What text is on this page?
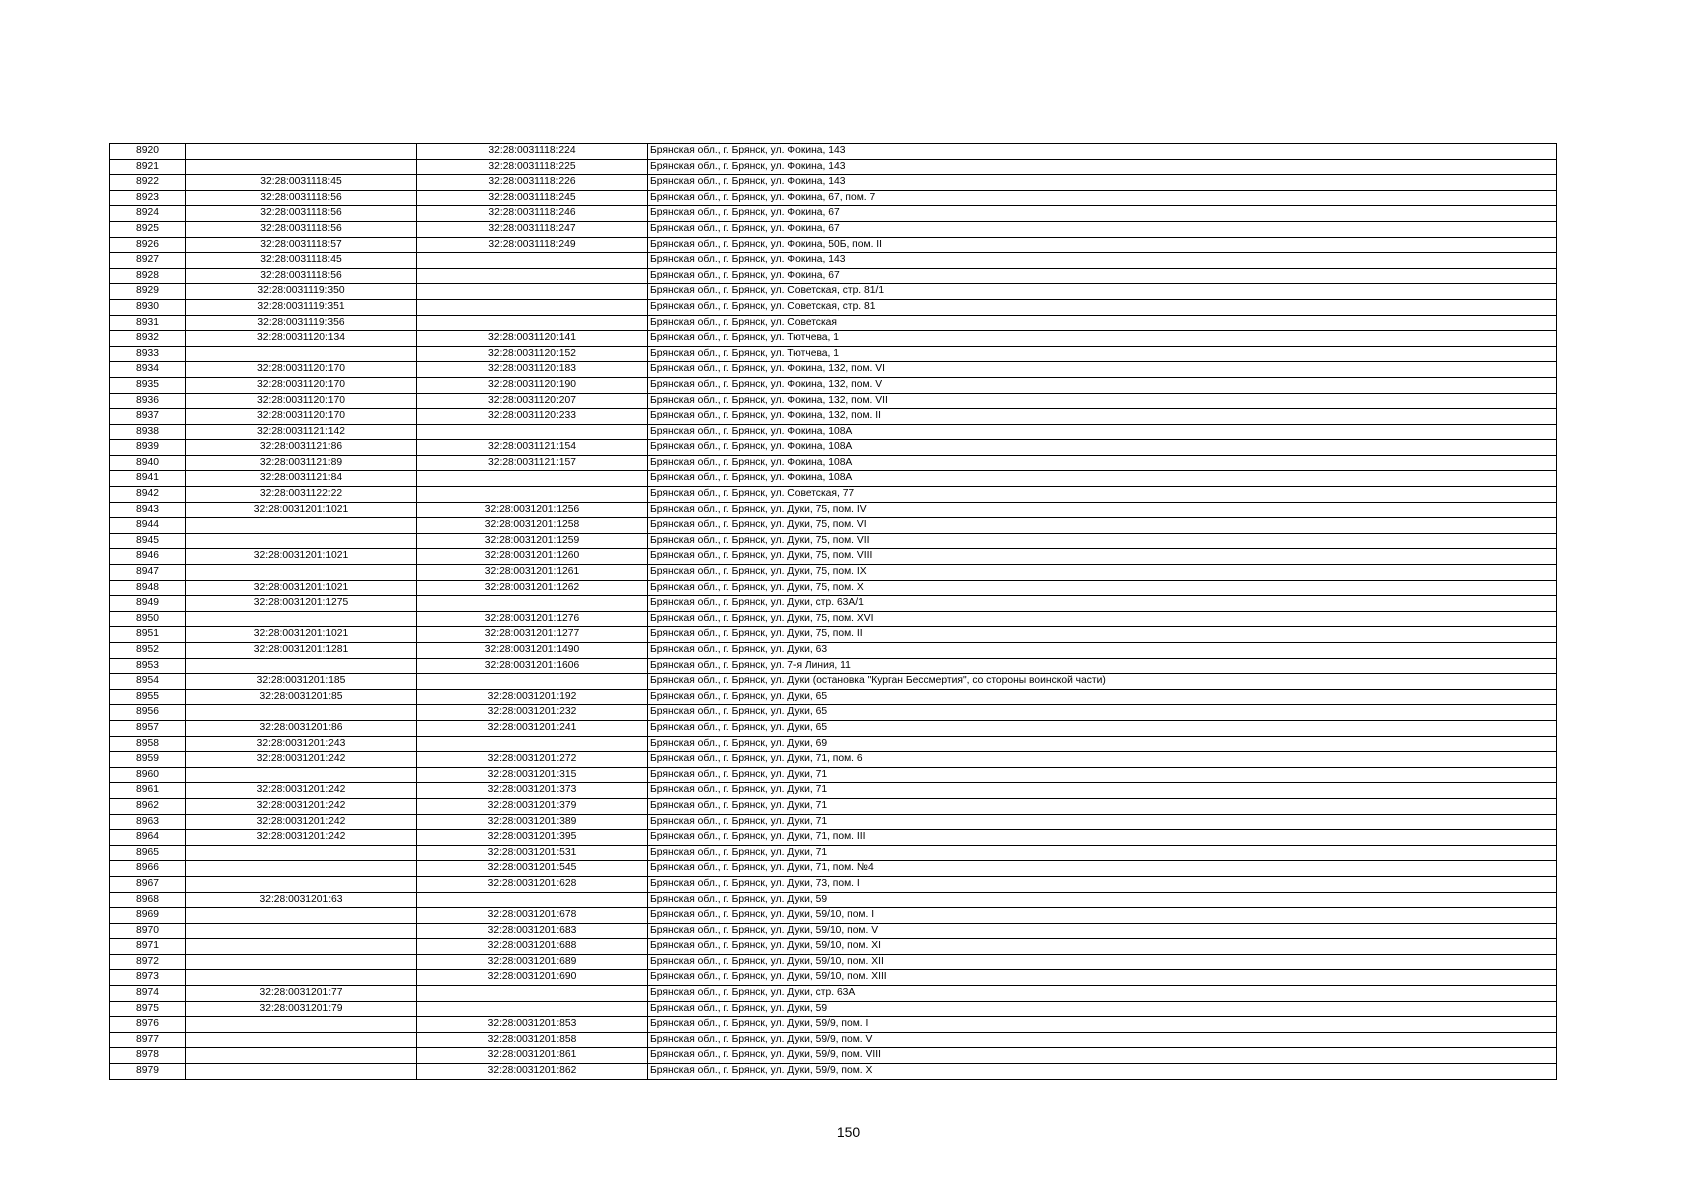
8920		32:28:0031118:224	Брянская обл., г. Брянск, ул. Фокина, 143
8921		32:28:0031118:225	Брянская обл., г. Брянск, ул. Фокина, 143
8922	32:28:0031118:45	32:28:0031118:226	Брянская обл., г. Брянск, ул. Фокина, 143
8923	32:28:0031118:56	32:28:0031118:245	Брянская обл., г. Брянск, ул. Фокина, 67, пом. 7
8924	32:28:0031118:56	32:28:0031118:246	Брянская обл., г. Брянск, ул. Фокина, 67
8925	32:28:0031118:56	32:28:0031118:247	Брянская обл., г. Брянск, ул. Фокина, 67
8926	32:28:0031118:57	32:28:0031118:249	Брянская обл., г. Брянск, ул. Фокина, 50Б, пом. II
8927	32:28:0031118:45		Брянская обл., г. Брянск, ул. Фокина, 143
8928	32:28:0031118:56		Брянская обл., г. Брянск, ул. Фокина, 67
8929	32:28:0031119:350		Брянская обл., г. Брянск, ул. Советская, стр. 81/1
8930	32:28:0031119:351		Брянская обл., г. Брянск, ул. Советская, стр. 81
8931	32:28:0031119:356		Брянская обл., г. Брянск, ул. Советская
8932	32:28:0031120:134	32:28:0031120:141	Брянская обл., г. Брянск, ул. Тютчева, 1
8933		32:28:0031120:152	Брянская обл., г. Брянск, ул. Тютчева, 1
8934	32:28:0031120:170	32:28:0031120:183	Брянская обл., г. Брянск, ул. Фокина, 132, пом. VI
8935	32:28:0031120:170	32:28:0031120:190	Брянская обл., г. Брянск, ул. Фокина, 132, пом. V
8936	32:28:0031120:170	32:28:0031120:207	Брянская обл., г. Брянск, ул. Фокина, 132, пом. VII
8937	32:28:0031120:170	32:28:0031120:233	Брянская обл., г. Брянск, ул. Фокина, 132, пом. II
8938	32:28:0031121:142		Брянская обл., г. Брянск, ул. Фокина, 108А
8939	32:28:0031121:86	32:28:0031121:154	Брянская обл., г. Брянск, ул. Фокина, 108А
8940	32:28:0031121:89	32:28:0031121:157	Брянская обл., г. Брянск, ул. Фокина, 108А
8941	32:28:0031121:84		Брянская обл., г. Брянск, ул. Фокина, 108А
8942	32:28:0031122:22		Брянская обл., г. Брянск, ул. Советская, 77
8943	32:28:0031201:1021	32:28:0031201:1256	Брянская обл., г. Брянск, ул. Дуки, 75, пом. IV
8944		32:28:0031201:1258	Брянская обл., г. Брянск, ул. Дуки, 75, пом. VI
8945		32:28:0031201:1259	Брянская обл., г. Брянск, ул. Дуки, 75, пом. VII
8946	32:28:0031201:1021	32:28:0031201:1260	Брянская обл., г. Брянск, ул. Дуки, 75, пом. VIII
8947		32:28:0031201:1261	Брянская обл., г. Брянск, ул. Дуки, 75, пом. IX
8948	32:28:0031201:1021	32:28:0031201:1262	Брянская обл., г. Брянск, ул. Дуки, 75, пом. X
8949	32:28:0031201:1275		Брянская обл., г. Брянск, ул. Дуки, стр. 63А/1
8950		32:28:0031201:1276	Брянская обл., г. Брянск, ул. Дуки, 75, пом. XVI
8951	32:28:0031201:1021	32:28:0031201:1277	Брянская обл., г. Брянск, ул. Дуки, 75, пом. II
8952	32:28:0031201:1281	32:28:0031201:1490	Брянская обл., г. Брянск, ул. Дуки, 63
8953		32:28:0031201:1606	Брянская обл., г. Брянск, ул. 7-я Линия, 11
8954	32:28:0031201:185		Брянская обл., г. Брянск, ул. Дуки (остановка "Курган Бессмертия", со стороны воинской части)
8955	32:28:0031201:85	32:28:0031201:192	Брянская обл., г. Брянск, ул. Дуки, 65
8956		32:28:0031201:232	Брянская обл., г. Брянск, ул. Дуки, 65
8957	32:28:0031201:86	32:28:0031201:241	Брянская обл., г. Брянск, ул. Дуки, 65
8958	32:28:0031201:243		Брянская обл., г. Брянск, ул. Дуки, 69
8959	32:28:0031201:242	32:28:0031201:272	Брянская обл., г. Брянск, ул. Дуки, 71, пом. 6
8960		32:28:0031201:315	Брянская обл., г. Брянск, ул. Дуки, 71
8961	32:28:0031201:242	32:28:0031201:373	Брянская обл., г. Брянск, ул. Дуки, 71
8962	32:28:0031201:242	32:28:0031201:379	Брянская обл., г. Брянск, ул. Дуки, 71
8963	32:28:0031201:242	32:28:0031201:389	Брянская обл., г. Брянск, ул. Дуки, 71
8964	32:28:0031201:242	32:28:0031201:395	Брянская обл., г. Брянск, ул. Дуки, 71, пом. III
8965		32:28:0031201:531	Брянская обл., г. Брянск, ул. Дуки, 71
8966		32:28:0031201:545	Брянская обл., г. Брянск, ул. Дуки, 71, пом. №4
8967		32:28:0031201:628	Брянская обл., г. Брянск, ул. Дуки, 73, пом. I
8968	32:28:0031201:63		Брянская обл., г. Брянск, ул. Дуки, 59
8969		32:28:0031201:678	Брянская обл., г. Брянск, ул. Дуки, 59/10, пом. I
8970		32:28:0031201:683	Брянская обл., г. Брянск, ул. Дуки, 59/10, пом. V
8971		32:28:0031201:688	Брянская обл., г. Брянск, ул. Дуки, 59/10, пом. XI
8972		32:28:0031201:689	Брянская обл., г. Брянск, ул. Дуки, 59/10, пом. XII
8973		32:28:0031201:690	Брянская обл., г. Брянск, ул. Дуки, 59/10, пом. XIII
8974	32:28:0031201:77		Брянская обл., г. Брянск, ул. Дуки, стр. 63А
8975	32:28:0031201:79		Брянская обл., г. Брянск, ул. Дуки, 59
8976		32:28:0031201:853	Брянская обл., г. Брянск, ул. Дуки, 59/9, пом. I
8977		32:28:0031201:858	Брянская обл., г. Брянск, ул. Дуки, 59/9, пом. V
8978		32:28:0031201:861	Брянская обл., г. Брянск, ул. Дуки, 59/9, пом. VIII
8979		32:28:0031201:862	Брянская обл., г. Брянск, ул. Дуки, 59/9, пом. X
150
